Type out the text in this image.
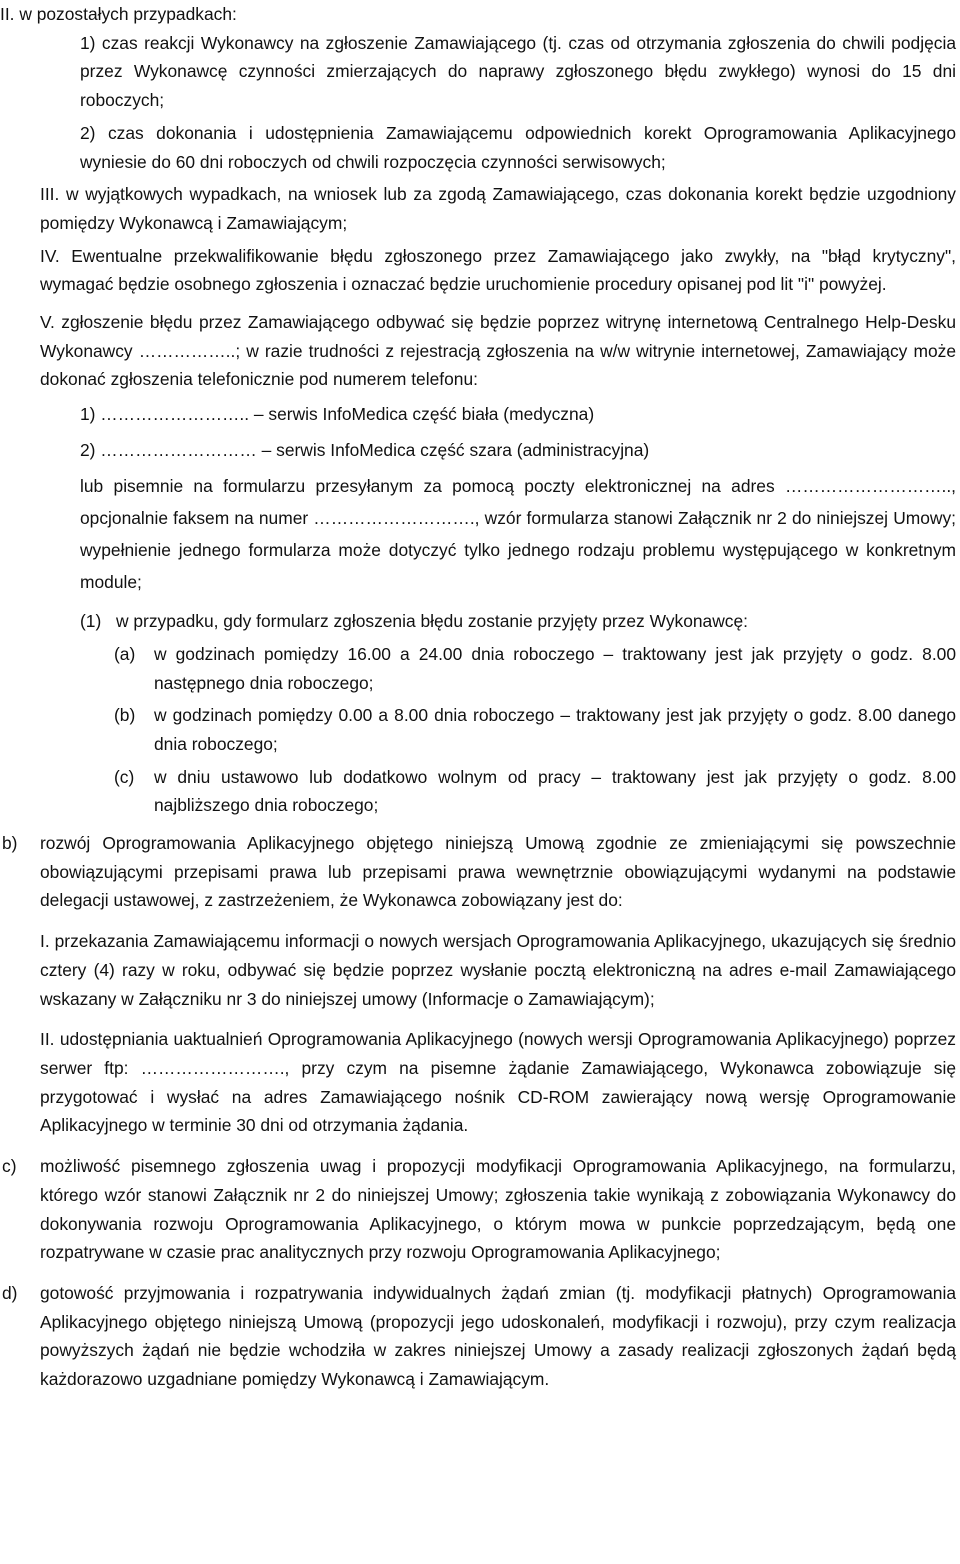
II. w pozostałych przypadkach:

1) czas reakcji Wykonawcy na zgłoszenie Zamawiającego (tj. czas od otrzymania zgłoszenia do chwili podjęcia przez Wykonawcę czynności zmierzających do naprawy zgłoszonego błędu zwykłego) wynosi do 15 dni roboczych;

2) czas dokonania i udostępnienia Zamawiającemu odpowiednich korekt Oprogramowania Aplikacyjnego wyniesie do 60 dni roboczych od chwili rozpoczęcia czynności serwisowych;

III. w wyjątkowych wypadkach, na wniosek lub za zgodą Zamawiającego, czas dokonania korekt będzie uzgodniony pomiędzy Wykonawcą i Zamawiającym;

IV. Ewentualne przekwalifikowanie błędu zgłoszonego przez Zamawiającego jako zwykły, na "błąd krytyczny", wymagać będzie osobnego zgłoszenia i oznaczać będzie uruchomienie procedury opisanej pod lit "i" powyżej.

V. zgłoszenie błędu przez Zamawiającego odbywać się będzie poprzez witrynę internetową Centralnego Help-Desku Wykonawcy ……………..; w razie trudności z rejestracją zgłoszenia na w/w witrynie internetowej, Zamawiający może dokonać zgłoszenia telefonicznie pod numerem telefonu:

1) …………………….. – serwis InfoMedica część biała (medyczna)

2) ……………………… – serwis InfoMedica część szara (administracyjna)

lub pisemnie na formularzu przesyłanym za pomocą poczty elektronicznej na adres ……………………….., opcjonalnie faksem na numer ………………………., wzór formularza stanowi Załącznik nr 2 do niniejszej Umowy; wypełnienie jednego formularza może dotyczyć tylko jednego rodzaju problemu występującego w konkretnym module;

(1) w przypadku, gdy formularz zgłoszenia błędu zostanie przyjęty przez Wykonawcę:

(a)	w godzinach pomiędzy 16.00 a 24.00 dnia roboczego – traktowany jest jak przyjęty o godz. 8.00 następnego dnia roboczego;

(b)	w godzinach pomiędzy 0.00 a 8.00 dnia roboczego – traktowany jest jak przyjęty o godz. 8.00 danego dnia roboczego;

(c)	w dniu ustawowo lub dodatkowo wolnym od pracy – traktowany jest jak przyjęty o godz. 8.00 najbliższego dnia roboczego;

b)	rozwój Oprogramowania Aplikacyjnego objętego niniejszą Umową zgodnie ze zmieniającymi się powszechnie obowiązującymi przepisami prawa lub przepisami prawa wewnętrznie obowiązującymi wydanymi na podstawie delegacji ustawowej, z zastrzeżeniem, że Wykonawca zobowiązany jest do:

I. przekazania Zamawiającemu informacji o nowych wersjach Oprogramowania Aplikacyjnego, ukazujących się średnio cztery (4) razy w roku, odbywać się będzie poprzez wysłanie pocztą elektroniczną na adres e-mail Zamawiającego wskazany w Załączniku nr 3 do niniejszej umowy (Informacje o Zamawiającym);

II. udostępniania uaktualnień Oprogramowania Aplikacyjnego (nowych wersji Oprogramowania Aplikacyjnego) poprzez serwer ftp: ……………………., przy czym na pisemne żądanie Zamawiającego, Wykonawca zobowiązuje się przygotować i wysłać na adres Zamawiającego nośnik CD-ROM zawierający nową wersję Oprogramowanie Aplikacyjnego w terminie 30 dni od otrzymania żądania.

c)	możliwość pisemnego zgłoszenia uwag i propozycji modyfikacji Oprogramowania Aplikacyjnego, na formularzu, którego wzór stanowi Załącznik nr 2 do niniejszej Umowy; zgłoszenia takie wynikają z zobowiązania Wykonawcy do dokonywania rozwoju Oprogramowania Aplikacyjnego, o którym mowa w punkcie poprzedzającym, będą one rozpatrywane w czasie prac analitycznych przy rozwoju Oprogramowania Aplikacyjnego;

d)	gotowość przyjmowania i rozpatrywania indywidualnych żądań zmian (tj. modyfikacji płatnych) Oprogramowania Aplikacyjnego objętego niniejszą Umową (propozycji jego udoskonaleń, modyfikacji i rozwoju), przy czym realizacja powyższych żądań nie będzie wchodziła w zakres niniejszej Umowy a zasady realizacji zgłoszonych żądań będą każdorazowo uzgadniane pomiędzy Wykonawcą i Zamawiającym.
